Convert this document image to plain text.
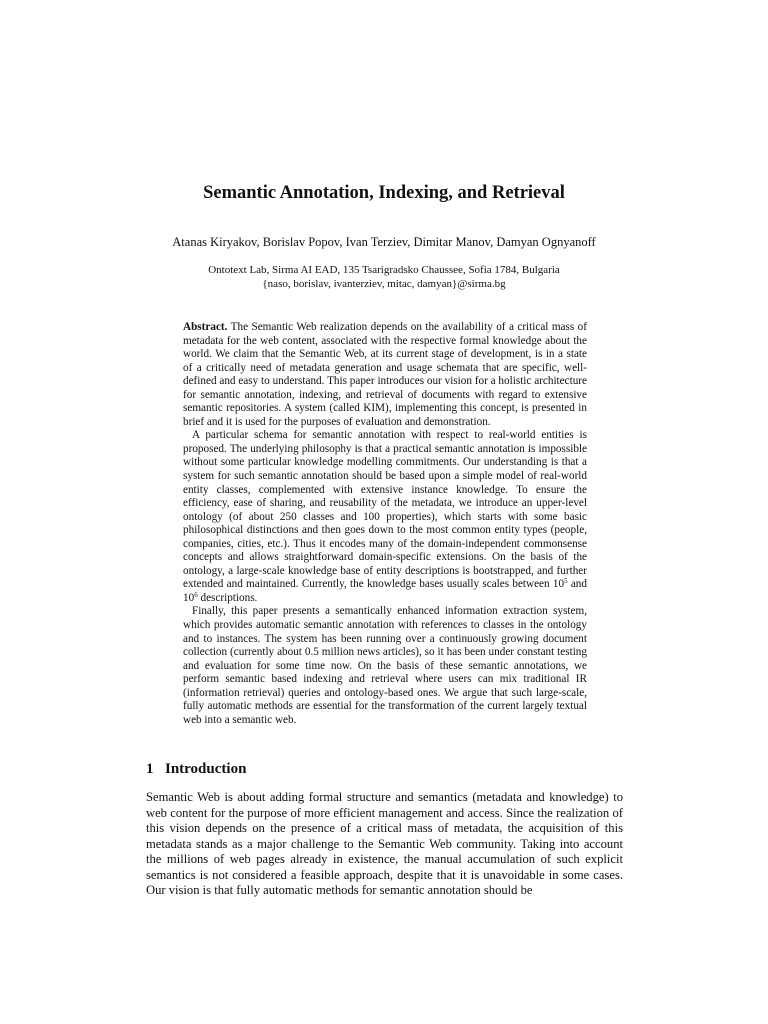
Semantic Annotation, Indexing, and Retrieval
Atanas Kiryakov, Borislav Popov, Ivan Terziev, Dimitar Manov, Damyan Ognyanoff
Ontotext Lab, Sirma AI EAD, 135 Tsarigradsko Chaussee, Sofia 1784, Bulgaria
{naso, borislav, ivanterziev, mitac, damyan}@sirma.bg

Abstract. The Semantic Web realization depends on the availability of a critical mass of metadata for the web content, associated with the respective formal knowledge about the world. We claim that the Semantic Web, at its current stage of development, is in a state of a critically need of metadata generation and usage schemata that are specific, well-defined and easy to understand. This paper introduces our vision for a holistic architecture for semantic annotation, indexing, and retrieval of documents with regard to extensive semantic repositories. A system (called KIM), implementing this concept, is presented in brief and it is used for the purposes of evaluation and demonstration.

A particular schema for semantic annotation with respect to real-world entities is proposed. The underlying philosophy is that a practical semantic annotation is impossible without some particular knowledge modelling commitments. Our understanding is that a system for such semantic annotation should be based upon a simple model of real-world entity classes, complemented with extensive instance knowledge. To ensure the efficiency, ease of sharing, and reusability of the metadata, we introduce an upper-level ontology (of about 250 classes and 100 properties), which starts with some basic philosophical distinctions and then goes down to the most common entity types (people, companies, cities, etc.). Thus it encodes many of the domain-independent commonsense concepts and allows straightforward domain-specific extensions. On the basis of the ontology, a large-scale knowledge base of entity descriptions is bootstrapped, and further extended and maintained. Currently, the knowledge bases usually scales between $10^5$ and $10^6$ descriptions.

Finally, this paper presents a semantically enhanced information extraction system, which provides automatic semantic annotation with references to classes in the ontology and to instances. The system has been running over a continuously growing document collection (currently about 0.5 million news articles), so it has been under constant testing and evaluation for some time now. On the basis of these semantic annotations, we perform semantic based indexing and retrieval where users can mix traditional IR (information retrieval) queries and ontology-based ones. We argue that such large-scale, fully automatic methods are essential for the transformation of the current largely textual web into a semantic web.

1 Introduction

Semantic Web is about adding formal structure and semantics (metadata and knowledge) to web content for the purpose of more efficient management and access. Since the realization of this vision depends on the presence of a critical mass of metadata, the acquisition of this metadata stands as a major challenge to the Semantic Web community. Taking into account the millions of web pages already in existence, the manual accumulation of such explicit semantics is not considered a feasible approach, despite that it is unavoidable in some cases. Our vision is that fully automatic methods for semantic annotation should be
